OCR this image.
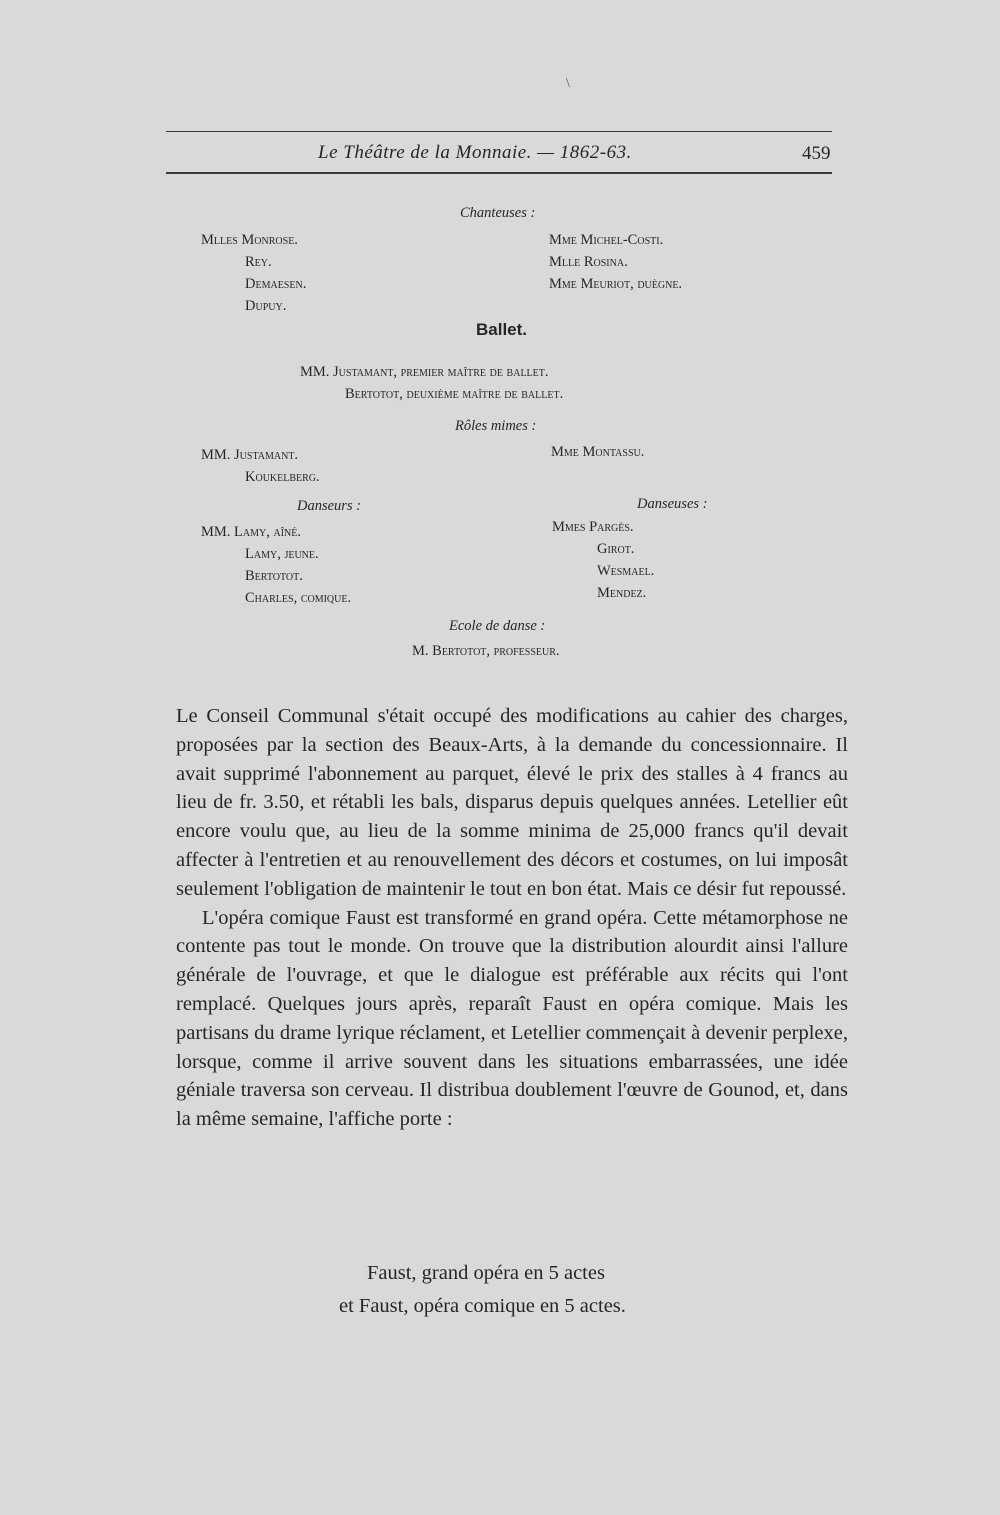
\
Le Théâtre de la Monnaie. — 1862-63.	459
Chanteuses :
Mlles Monrose.
Rey.
Demaesen.
Dupuy.
Mme Michel-Costi.
Mlle Rosina.
Mme Meuriot, duègne.
Ballet.
MM. Justamant, premier maître de ballet.
Bertotot, deuxième maître de ballet.
Rôles mimes :
MM. Justamant.
Koukelberg.
Mme Montassu.
Danseurs :	Danseuses :
MM. Lamy, aîné.
Lamy, jeune.
Bertotot.
Charles, comique.
Mmes Pargès.
Girot.
Wesmael.
Mendez.
Ecole de danse :
M. Bertotot, professeur.

Le Conseil Communal s'était occupé des modifications au cahier des charges, proposées par la section des Beaux-Arts, à la demande du concessionnaire. Il avait supprimé l'abonnement au parquet, élevé le prix des stalles à 4 francs au lieu de fr. 3.50, et rétabli les bals, disparus depuis quelques années. Letellier eût encore voulu que, au lieu de la somme minima de 25,000 francs qu'il devait affecter à l'entretien et au renouvellement des décors et costumes, on lui imposât seulement l'obligation de maintenir le tout en bon état. Mais ce désir fut repoussé.

L'opéra comique Faust est transformé en grand opéra. Cette métamorphose ne contente pas tout le monde. On trouve que la distribution alourdit ainsi l'allure générale de l'ouvrage, et que le dialogue est préférable aux récits qui l'ont remplacé. Quelques jours après, reparaît Faust en opéra comique. Mais les partisans du drame lyrique réclament, et Letellier commençait à devenir perplexe, lorsque, comme il arrive souvent dans les situations embarrassées, une idée géniale traversa son cerveau. Il distribua doublement l'œuvre de Gounod, et, dans la même semaine, l'affiche porte :

Faust, grand opéra en 5 actes
et Faust, opéra comique en 5 actes.
